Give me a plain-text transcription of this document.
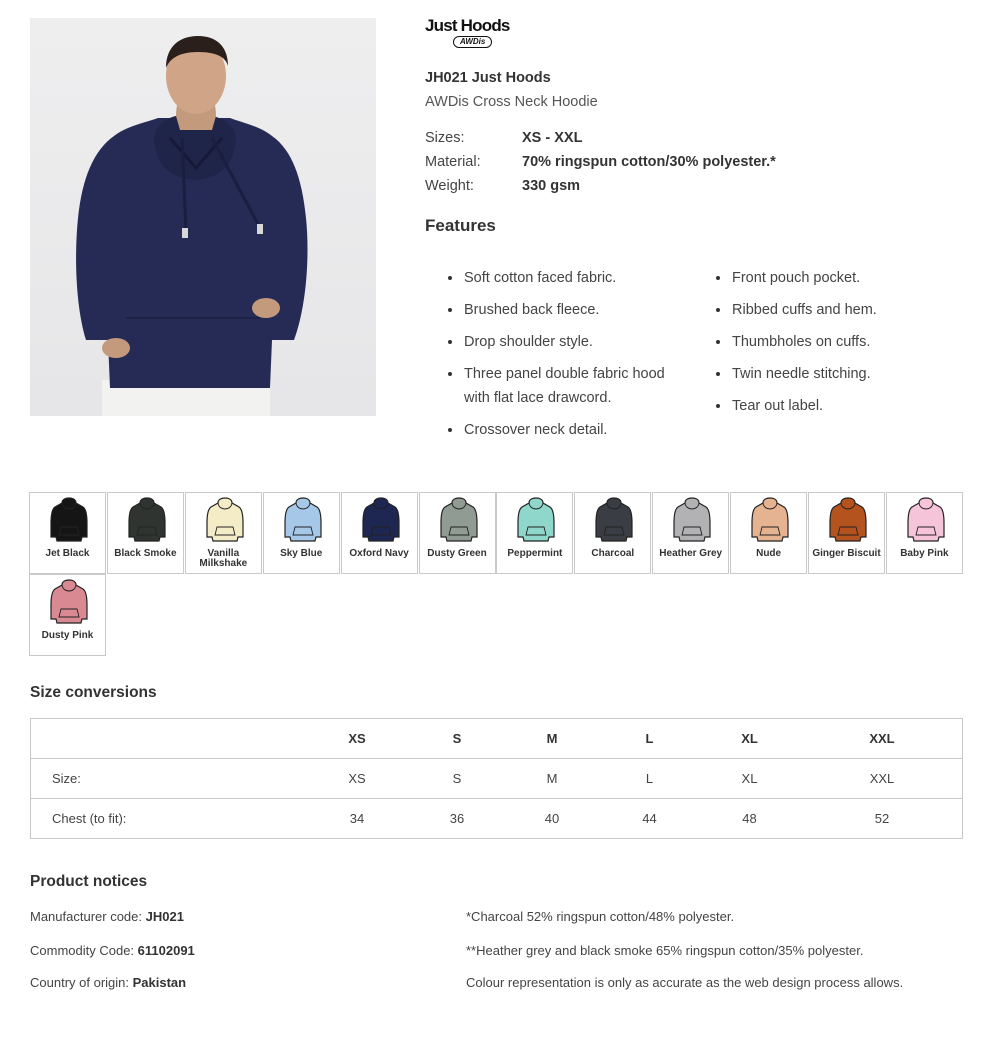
Just Hoods
AWDis
JH021 Just Hoods
AWDis Cross Neck Hoodie
Sizes:	XS - XXL
Material:	70% ringspun cotton/30% polyester.*
Weight:	330 gsm
Features
Soft cotton faced fabric.
Brushed back fleece.
Drop shoulder style.
Three panel double fabric hood with flat lace drawcord.
Crossover neck detail.
Front pouch pocket.
Ribbed cuffs and hem.
Thumbholes on cuffs.
Twin needle stitching.
Tear out label.
Jet Black	Black Smoke	Vanilla Milkshake
Sky Blue	Oxford Navy	Dusty Green	Peppermint	Charcoal	Heather Grey	Nude	Ginger Biscuit	Baby Pink
Dusty Pink
Size conversions
	XS	S	M	L	XL	XXL
Size:	XS	S	M	L	XL	XXL
Chest (to fit):	34	36	40	44	48	52
Product notices
Manufacturer code: JH021
Commodity Code: 61102091
Country of origin: Pakistan
*Charcoal 52% ringspun cotton/48% polyester.
**Heather grey and black smoke 65% ringspun cotton/35% polyester.
Colour representation is only as accurate as the web design process allows.
